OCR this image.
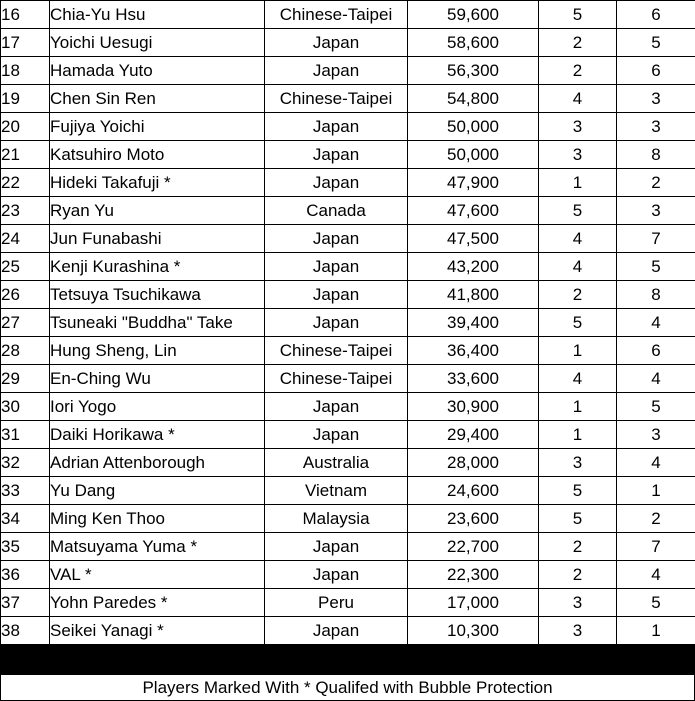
16	Chia-Yu Hsu	Chinese-Taipei	59,600	5	6
17	Yoichi Uesugi	Japan	58,600	2	5
18	Hamada Yuto	Japan	56,300	2	6
19	Chen Sin Ren	Chinese-Taipei	54,800	4	3
20	Fujiya Yoichi	Japan	50,000	3	3
21	Katsuhiro Moto	Japan	50,000	3	8
22	Hideki Takafuji *	Japan	47,900	1	2
23	Ryan Yu	Canada	47,600	5	3
24	Jun Funabashi	Japan	47,500	4	7
25	Kenji Kurashina *	Japan	43,200	4	5
26	Tetsuya Tsuchikawa	Japan	41,800	2	8
27	Tsuneaki "Buddha" Take	Japan	39,400	5	4
28	Hung Sheng, Lin	Chinese-Taipei	36,400	1	6
29	En-Ching Wu	Chinese-Taipei	33,600	4	4
30	Iori Yogo	Japan	30,900	1	5
31	Daiki Horikawa *	Japan	29,400	1	3
32	Adrian Attenborough	Australia	28,000	3	4
33	Yu Dang	Vietnam	24,600	5	1
34	Ming Ken Thoo	Malaysia	23,600	5	2
35	Matsuyama Yuma *	Japan	22,700	2	7
36	VAL *	Japan	22,300	2	4
37	Yohn Paredes *	Peru	17,000	3	5
38	Seikei Yanagi *	Japan	10,300	3	1
Players Marked With * Qualifed with Bubble Protection
